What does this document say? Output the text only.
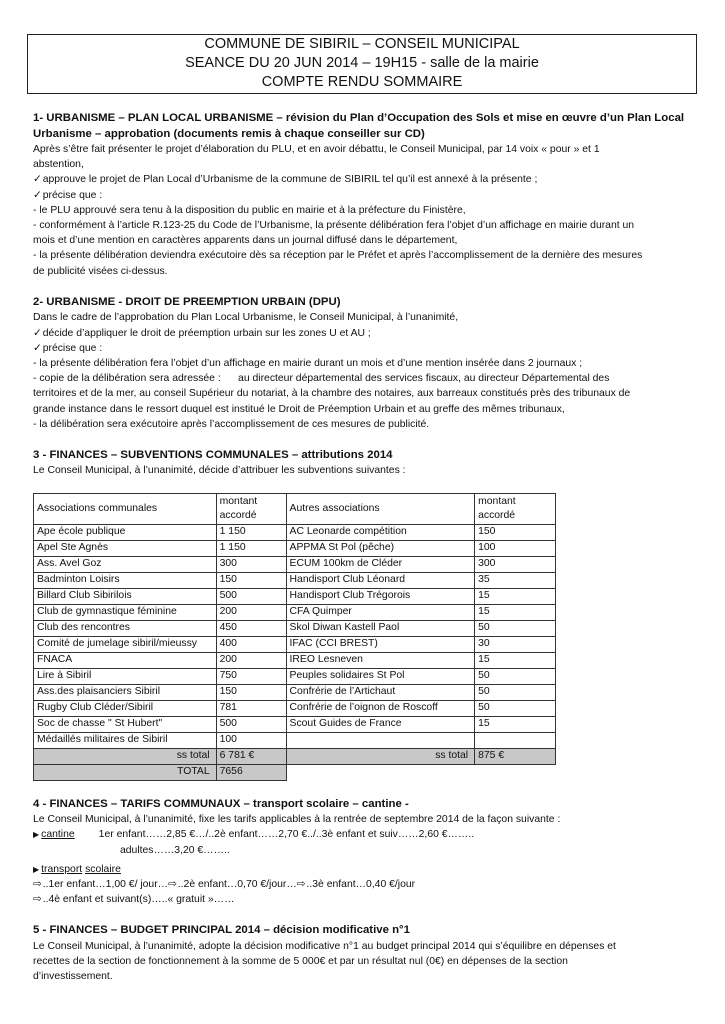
COMMUNE DE SIBIRIL – CONSEIL MUNICIPAL
SEANCE DU 20 JUN 2014 – 19H15 - salle de la mairie
COMPTE RENDU SOMMAIRE
1- URBANISME – PLAN LOCAL URBANISME – révision du Plan d’Occupation des Sols et mise en œuvre d’un Plan Local
Urbanisme – approbation (documents remis à chaque conseiller sur CD)

Après s’être fait présenter le projet d’élaboration du PLU, et en avoir débattu, le Conseil Municipal, par 14 voix « pour » et 1

abstention,

✓ approuve le projet de Plan Local d’Urbanisme de la commune de SIBIRIL tel qu’il est annexé à la présente ;

✓ précise que :

- le PLU approuvé sera tenu à la disposition du public en mairie et à la préfecture du Finistère,

- conformément à l’article R.123-25 du Code de l’Urbanisme, la présente délibération fera l’objet d’un affichage en mairie durant un

mois et d’une mention en caractères apparents dans un journal diffusé dans le département,

- la présente délibération deviendra exécutoire dès sa réception par le Préfet et après l’accomplissement de la dernière des mesures

de publicité visées ci-dessus.

2- URBANISME - DROIT DE PREEMPTION URBAIN (DPU)

Dans le cadre de l’approbation du Plan Local Urbanisme, le Conseil Municipal, à l’unanimité,

✓ décide d’appliquer le droit de préemption urbain sur les zones U et AU ;

✓ précise que :

- la présente délibération fera l’objet d’un affichage en mairie durant un mois et d’une mention insérée dans 2 journaux ;

- copie de la délibération sera adressée :      au directeur départemental des services fiscaux, au directeur Départemental des

territoires et de la mer, au conseil Supérieur du notariat, à la chambre des notaires, aux barreaux constitués près des tribunaux de

grande instance dans le ressort duquel est institué le Droit de Préemption Urbain et au greffe des mêmes tribunaux,

- la délibération sera exécutoire après l’accomplissement de ces mesures de publicité.

3 - FINANCES – SUBVENTIONS COMMUNALES – attributions 2014

Le Conseil Municipal, à l’unanimité, décide d’attribuer les subventions suivantes :

Associations communales	montant accordé	Autres associations	montant accordé
Ape école publique	1 150	AC Leonarde compétition	150
Apel Ste Agnès	1 150	APPMA St Pol (pêche)	100
Ass. Avel Goz	300	ECUM 100km de Cléder	300
Badminton Loisirs	150	Handisport Club Léonard	35
Billard Club Sibirilois	500	Handisport Club Trégorois	15
Club de gymnastique féminine	200	CFA Quimper	15
Club des rencontres	450	Skol Diwan Kastell Paol	50
Comité de jumelage sibiril/mieussy	400	IFAC (CCI BREST)	30
FNACA	200	IREO Lesneven	15
Lire à Sibiril	750	Peuples solidaires St Pol	50
Ass.des plaisanciers Sibiril	150	Confrérie de l’Artichaut	50
Rugby Club Cléder/Sibiril	781	Confrérie de l’oignon de Roscoff	50
Soc de chasse " St Hubert"	500	Scout Guides de France	15
Médaillés militaires de Sibiril	100		
ss total	6 781 €	ss total	875 €
TOTAL	7656		
4 - FINANCES – TARIFS COMMUNAUX – transport scolaire – cantine -

Le Conseil Municipal, à l’unanimité, fixe les tarifs applicables à la rentrée de septembre 2014 de la façon suivante :

▶ cantine 1er enfant……2,85 €…/..2è enfant……2,70 €../..3è enfant et suiv……2,60 €……..

adultes……3,20 €……..

▶ transport scolaire

⇨ ..1er enfant…1,00 €/ jour… ⇨ ..2è enfant…0,70 €/jour… ⇨ ..3è enfant…0,40 €/jour

⇨ ..4è enfant et suivant(s)…..« gratuit »……

5 - FINANCES – BUDGET PRINCIPAL 2014 – décision modificative n°1

Le Conseil Municipal, à l’unanimité, adopte la décision modificative n°1 au budget principal 2014 qui s’équilibre en dépenses et

recettes de la section de fonctionnement à la somme de 5 000€ et par un résultat nul (0€) en dépenses de la section

d’investissement.
